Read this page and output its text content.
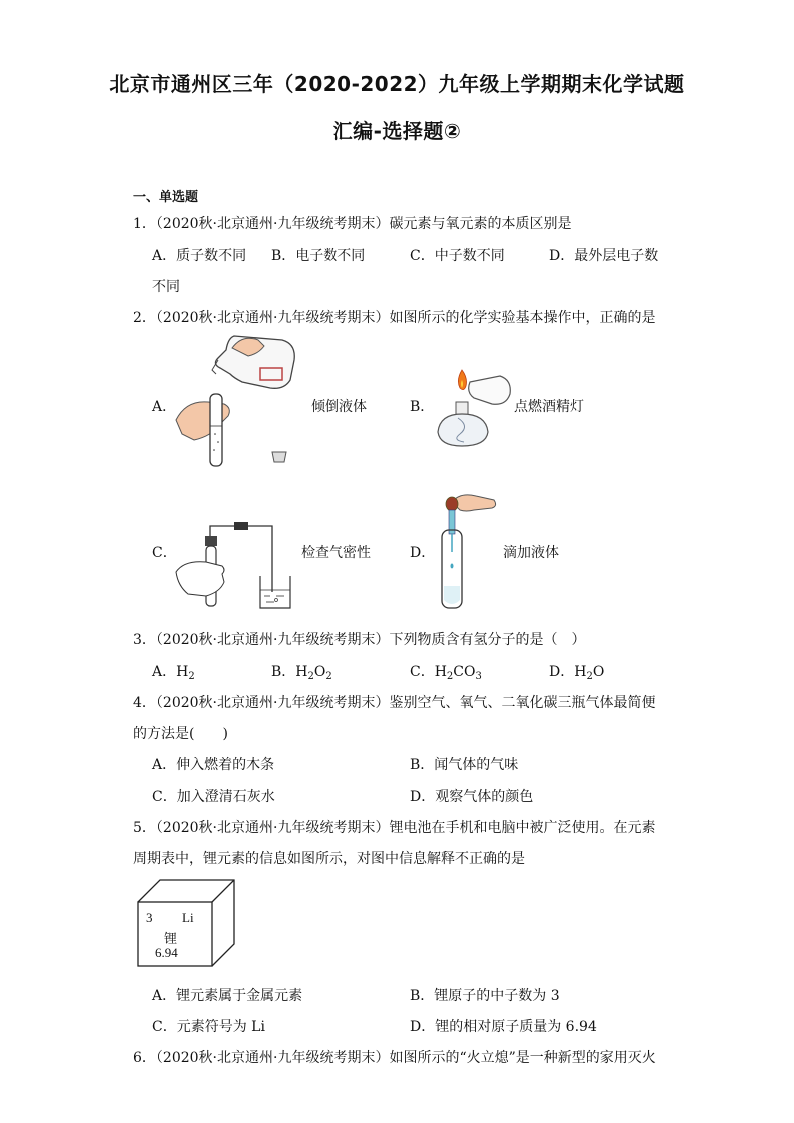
北京市通州区三年（2020-2022）九年级上学期期末化学试题
汇编-选择题②
一、单选题
1．（2020秋·北京通州·九年级统考期末）碳元素与氧元素的本质区别是
A．质子数不同 B．电子数不同	C．中子数不同	D．最外层电子数
不同
2．（2020秋·北京通州·九年级统考期末）如图所示的化学实验基本操作中，正确的是
A．	倾倒液体	B．	点燃酒精灯
C．	检查气密性	D．	滴加液体
3．（2020秋·北京通州·九年级统考期末）下列物质含有氢分子的是（　）
A．$H_2$	B．$H_2O_2$	C．$H_2CO_3$	D．$H_2O$
4．（2020秋·北京通州·九年级统考期末）鉴别空气、氧气、二氧化碳三瓶气体最简便
的方法是(　　)
A．伸入燃着的木条	B．闻气体的气味
C．加入澄清石灰水	D．观察气体的颜色
5．（2020秋·北京通州·九年级统考期末）锂电池在手机和电脑中被广泛使用。在元素
周期表中，锂元素的信息如图所示，对图中信息解释不正确的是
3 Li
锂
6.94
A．锂元素属于金属元素	B．锂原子的中子数为 3
C．元素符号为 Li	D．锂的相对原子质量为 6.94
6．（2020秋·北京通州·九年级统考期末）如图所示的“火立熄”是一种新型的家用灭火
